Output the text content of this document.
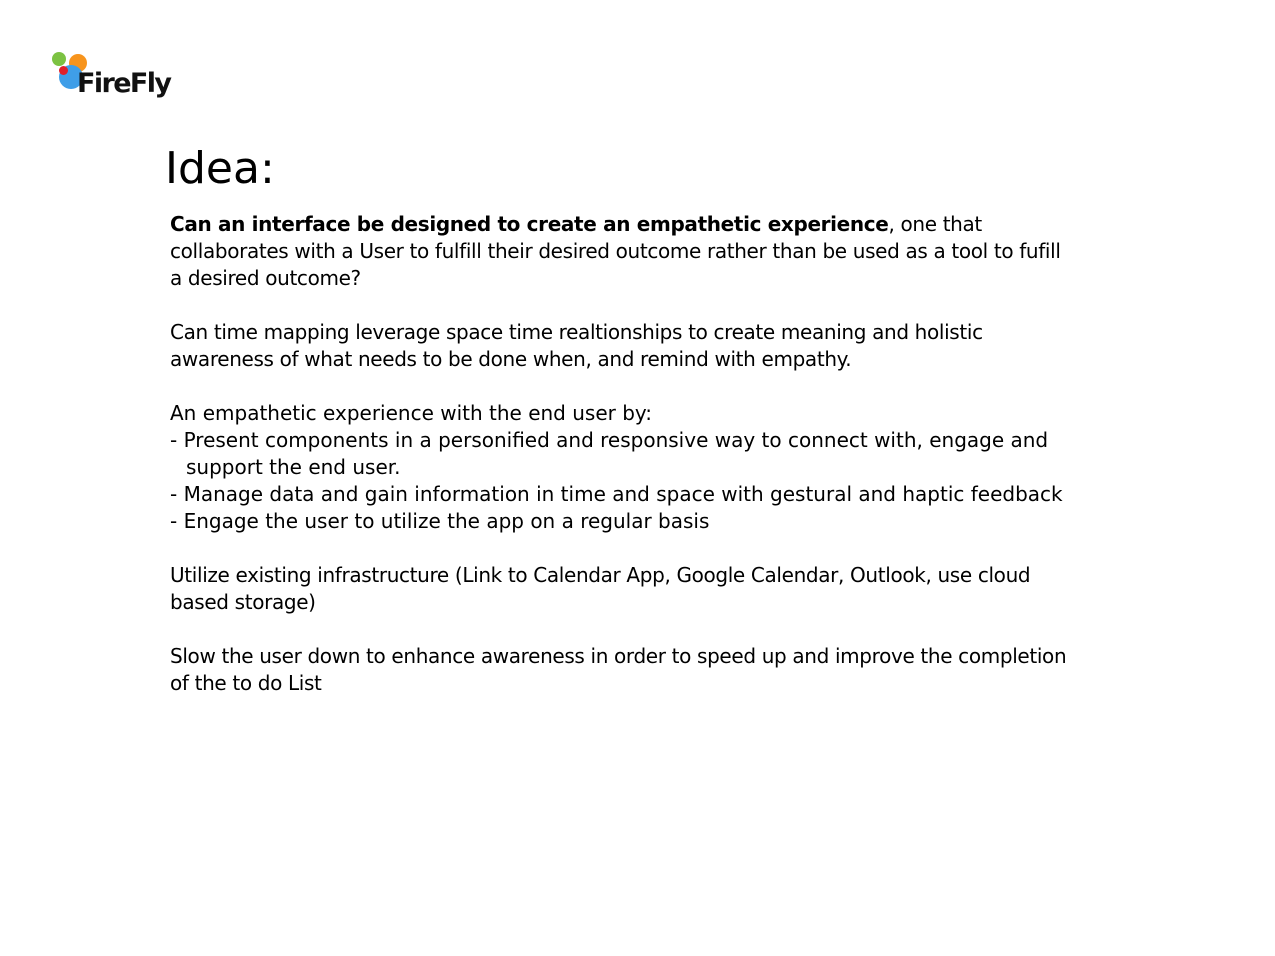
FireFly
Idea:

Can an interface be designed to create an empathetic experience, one that collaborates with a User to fulfill their desired outcome rather than be used as a tool to fufill a desired outcome?

Can time mapping leverage space time realtionships to create meaning and holistic awareness of what needs to be done when, and remind with empathy.

An empathetic experience with the end user by:

- Present components in a personified and responsive way to connect with, engage and support the end user.
- Manage data and gain information in time and space with gestural and haptic feedback
- Engage the user to utilize the app on a regular basis

Utilize existing infrastructure (Link to Calendar App, Google Calendar, Outlook, use cloud based storage)

Slow the user down to enhance awareness in order to speed up and improve the completion of the to do List
